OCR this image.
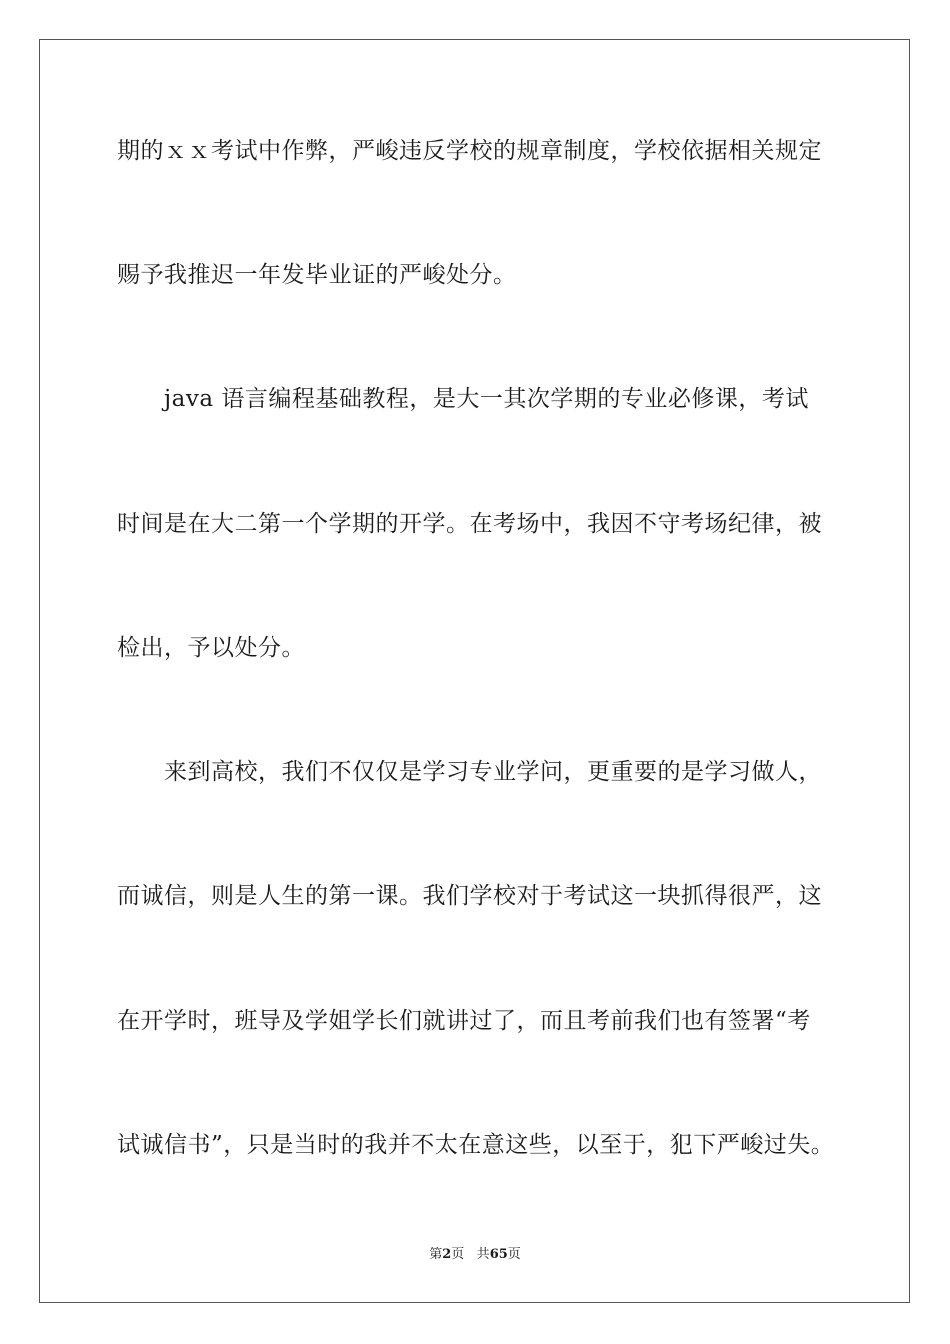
期的ｘｘ考试中作弊，严峻违反学校的规章制度，学校依据相关规定
赐予我推迟一年发毕业证的严峻处分。
　　java 语言编程基础教程，是大一其次学期的专业必修课，考试
时间是在大二第一个学期的开学。在考场中，我因不守考场纪律，被
检出，予以处分。
　　来到高校，我们不仅仅是学习专业学问，更重要的是学习做人，
而诚信，则是人生的第一课。我们学校对于考试这一块抓得很严，这
在开学时，班导及学姐学长们就讲过了，而且考前我们也有签署“考
试诚信书”，只是当时的我并不太在意这些，以至于，犯下严峻过失。
第2页 共65页
